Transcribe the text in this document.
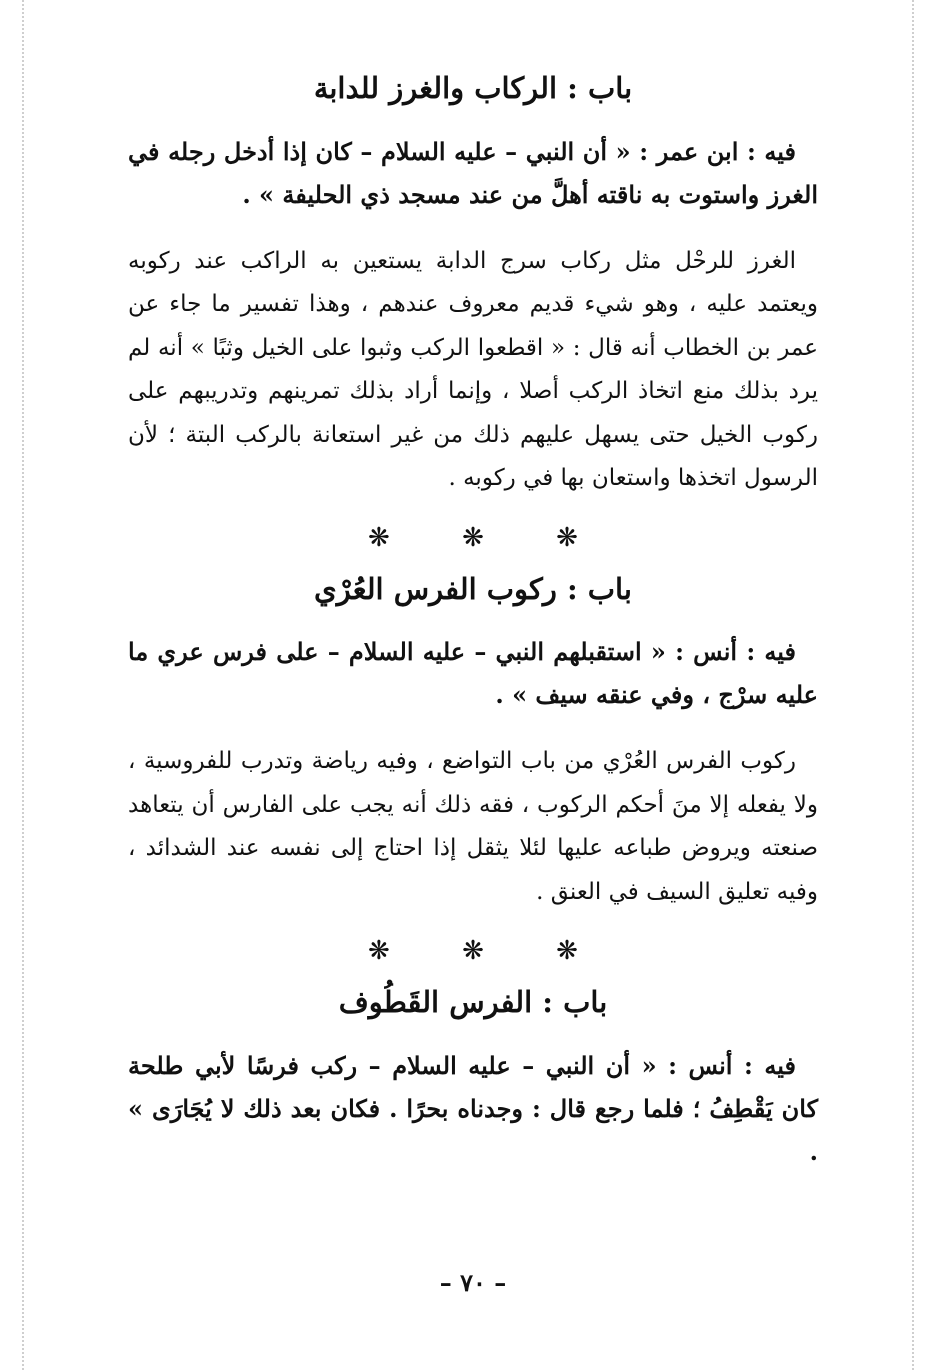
باب : الركاب والغرز للدابة

فيه : ابن عمر : « أن النبي – عليه السلام – كان إذا أدخل رجله في الغرز واستوت به ناقته أهلَّ من عند مسجد ذي الحليفة » .

الغرز للرحْل مثل ركاب سرج الدابة يستعين به الراكب عند ركوبه ويعتمد عليه ، وهو شيء قديم معروف عندهم ، وهذا تفسير ما جاء عن عمر بن الخطاب أنه قال : « اقطعوا الركب وثبوا على الخيل وثبًا » أنه لم يرد بذلك منع اتخاذ الركب أصلا ، وإنما أراد بذلك تمرينهم وتدريبهم على ركوب الخيل حتى يسهل عليهم ذلك من غير استعانة بالركب البتة ؛ لأن الرسول اتخذها واستعان بها في ركوبه .

❋	❋	❋
باب : ركوب الفرس العُرْي

فيه : أنس : « استقبلهم النبي – عليه السلام – على فرس عري ما عليه سرْج ، وفي عنقه سيف » .

ركوب الفرس العُرْي من باب التواضع ، وفيه رياضة وتدرب للفروسية ، ولا يفعله إلا منَ أحكم الركوب ، فقه ذلك أنه يجب على الفارس أن يتعاهد صنعته ويروض طباعه عليها لئلا يثقل إذا احتاج إلى نفسه عند الشدائد ، وفيه تعليق السيف في العنق .

❋	❋	❋
باب : الفرس القَطُوف

فيه : أنس : « أن النبي – عليه السلام – ركب فرسًا لأبي طلحة كان يَقْطِفُ ؛ فلما رجع قال : وجدناه بحرًا . فكان بعد ذلك لا يُجَارَى » .

– ٧٠ –
